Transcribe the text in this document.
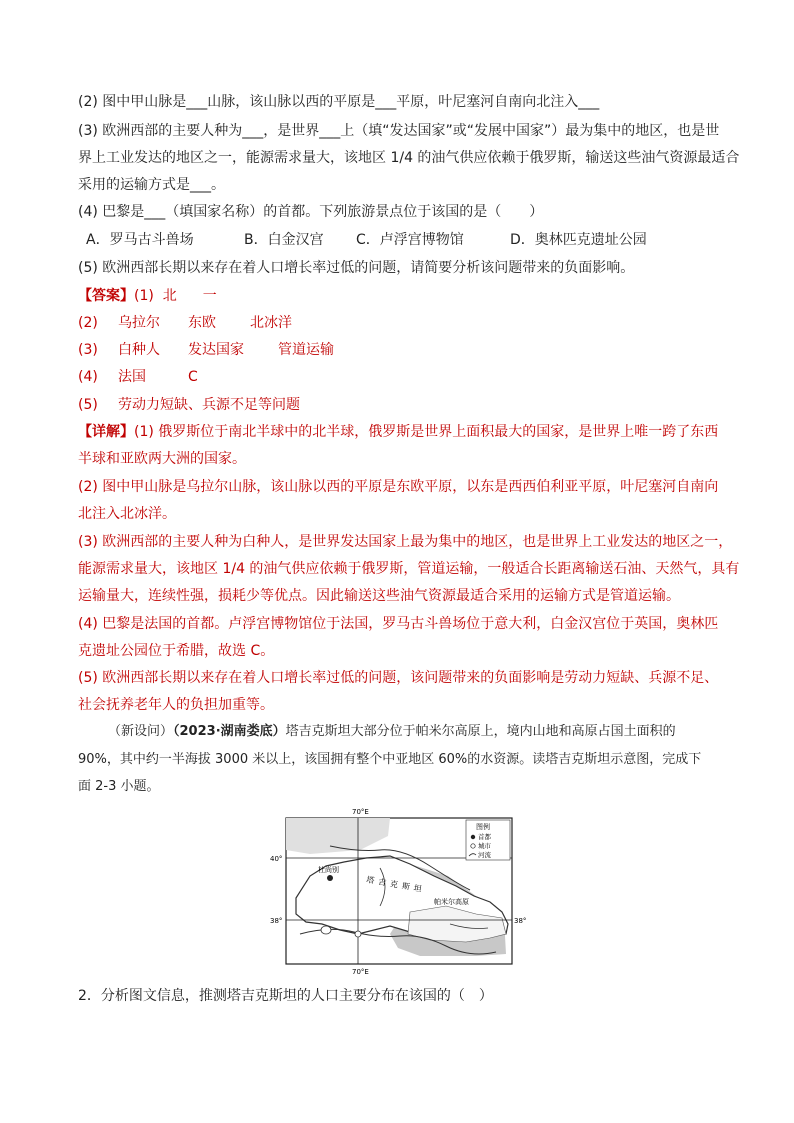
(2) 图中甲山脉是___山脉，该山脉以西的平原是___平原，叶尼塞河自南向北注入___
(3) 欧洲西部的主要人种为___，是世界___上（填“发达国家”或“发展中国家”）最为集中的地区，也是世
界上工业发达的地区之一，能源需求量大，该地区 1/4 的油气供应依赖于俄罗斯，输送这些油气资源最适合
采用的运输方式是___。
(4) 巴黎是___（填国家名称）的首都。下列旅游景点位于该国的是（　　）
A．罗马古斗兽场	B．白金汉宫 C．卢浮宫博物馆	D．奥林匹克遗址公园
(5) 欧洲西部长期以来存在着人口增长率过低的问题，请简要分析该问题带来的负面影响。
【答案】(1) 北 一
(2) 乌拉尔 东欧 北冰洋
(3) 白种人 发达国家 管道运输
(4) 法国	C
(5) 劳动力短缺、兵源不足等问题
【详解】(1) 俄罗斯位于南北半球中的北半球，俄罗斯是世界上面积最大的国家，是世界上唯一跨了东西
半球和亚欧两大洲的国家。
(2) 图中甲山脉是乌拉尔山脉，该山脉以西的平原是东欧平原，以东是西西伯利亚平原，叶尼塞河自南向
北注入北冰洋。
(3) 欧洲西部的主要人种为白种人，是世界发达国家上最为集中的地区，也是世界上工业发达的地区之一，
能源需求量大，该地区 1/4 的油气供应依赖于俄罗斯，管道运输，一般适合长距离输送石油、天然气，具有
运输量大，连续性强，损耗少等优点。因此输送这些油气资源最适合采用的运输方式是管道运输。
(4) 巴黎是法国的首都。卢浮宫博物馆位于法国，罗马古斗兽场位于意大利，白金汉宫位于英国，奥林匹
克遗址公园位于希腊，故选 C。
(5) 欧洲西部长期以来存在着人口增长率过低的问题，该问题带来的负面影响是劳动力短缺、兵源不足、
社会抚养老年人的负担加重等。
（新设问）（2023·湖南娄底）塔吉克斯坦大部分位于帕米尔高原上，境内山地和高原占国土面积的
90%，其中约一半海拔 3000 米以上，该国拥有整个中亚地区 60%的水资源。读塔吉克斯坦示意图，完成下
面 2-3 小题。
70°E
70°E
40°
38°	38°
杜尚别
塔吉克斯坦
帕米尔高原
图例
首都
城市
河流
2．分析图文信息，推测塔吉克斯坦的人口主要分布在该国的（　）
